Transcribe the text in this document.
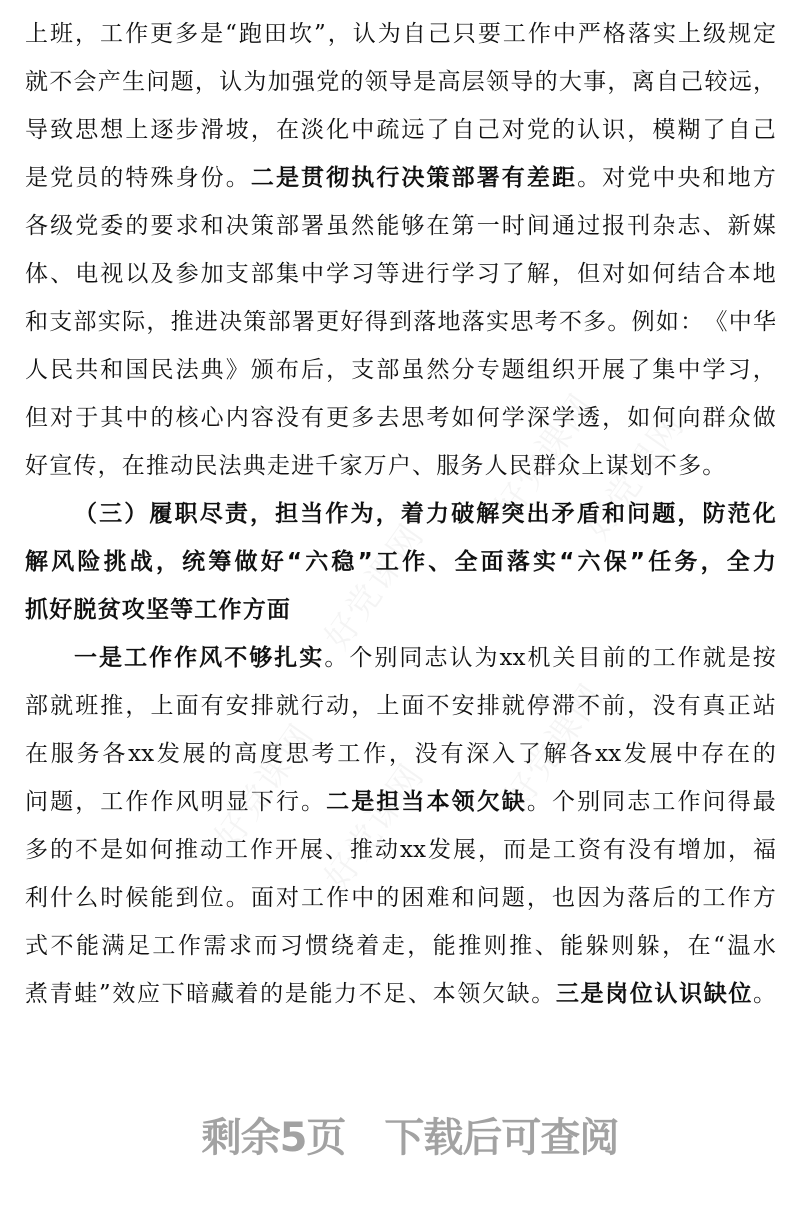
上 班 ， 工 作 更 多 是 “ 跑 田 坎 ” ， 认 为 自 己 只 要 工 作 中 严 格 落 实 上 级 规 定
就 不 会 产 生 问 题 ， 认 为 加 强 党 的 领 导 是 高 层 领 导 的 大 事 ， 离 自 己 较 远 ，
导 致 思 想 上 逐 步 滑 坡 ， 在 淡 化 中 疏 远 了 自 己 对 党 的 认 识 ， 模 糊 了 自 己
是 党 员 的 特 殊 身 份 。 二 是 贯 彻 执 行 决 策 部 署 有 差 距 。 对 党 中 央 和 地 方
各 级 党 委 的 要 求 和 决 策 部 署 虽 然 能 够 在 第 一 时 间 通 过 报 刊 杂 志 、 新 媒
体 、 电 视 以 及 参 加 支 部 集 中 学 习 等 进 行 学 习 了 解 ， 但 对 如 何 结 合 本 地
和 支 部 实 际 ， 推 进 决 策 部 署 更 好 得 到 落 地 落 实 思 考 不 多 。 例 如 ： 《 中 华
人 民 共 和 国 民 法 典 》 颁 布 后 ， 支 部 虽 然 分 专 题 组 织 开 展 了 集 中 学 习 ，
但 对 于 其 中 的 核 心 内 容 没 有 更 多 去 思 考 如 何 学 深 学 透 ， 如 何 向 群 众 做
好 宣 传 ， 在 推 动 民 法 典 走 进 千 家 万 户 、 服 务 人 民 群 众 上 谋 划 不 多 。
（ 三 ） 履 职 尽 责 ， 担 当 作 为 ， 着 力 破 解 突 出 矛 盾 和 问 题 ， 防 范 化
解 风 险 挑 战 ， 统 筹 做 好 “ 六 稳 ” 工 作 、 全 面 落 实 “ 六 保 ” 任 务 ， 全 力
抓 好 脱 贫 攻 坚 等 工 作 方 面
一 是 工 作 作 风 不 够 扎 实 。 个 别 同 志 认 为 xx 机 关 目 前 的 工 作 就 是 按
部 就 班 推 ， 上 面 有 安 排 就 行 动 ， 上 面 不 安 排 就 停 滞 不 前 ， 没 有 真 正 站
在 服 务 各 xx 发 展 的 高 度 思 考 工 作 ， 没 有 深 入 了 解 各 xx 发 展 中 存 在 的
问 题 ， 工 作 作 风 明 显 下 行 。 二 是 担 当 本 领 欠 缺 。 个 别 同 志 工 作 问 得 最
多 的 不 是 如 何 推 动 工 作 开 展 、 推 动 xx 发 展 ， 而 是 工 资 有 没 有 增 加 ， 福
利 什 么 时 候 能 到 位 。 面 对 工 作 中 的 困 难 和 问 题 ， 也 因 为 落 后 的 工 作 方
式 不 能 满 足 工 作 需 求 而 习 惯 绕 着 走 ， 能 推 则 推 、 能 躲 则 躲 ， 在 “ 温 水
煮 青 蛙 ” 效 应 下 暗 藏 着 的 是 能 力 不 足 、 本 领 欠 缺 。 三 是 岗 位 认 识 缺 位 。
剩余5页　下载后可查阅
